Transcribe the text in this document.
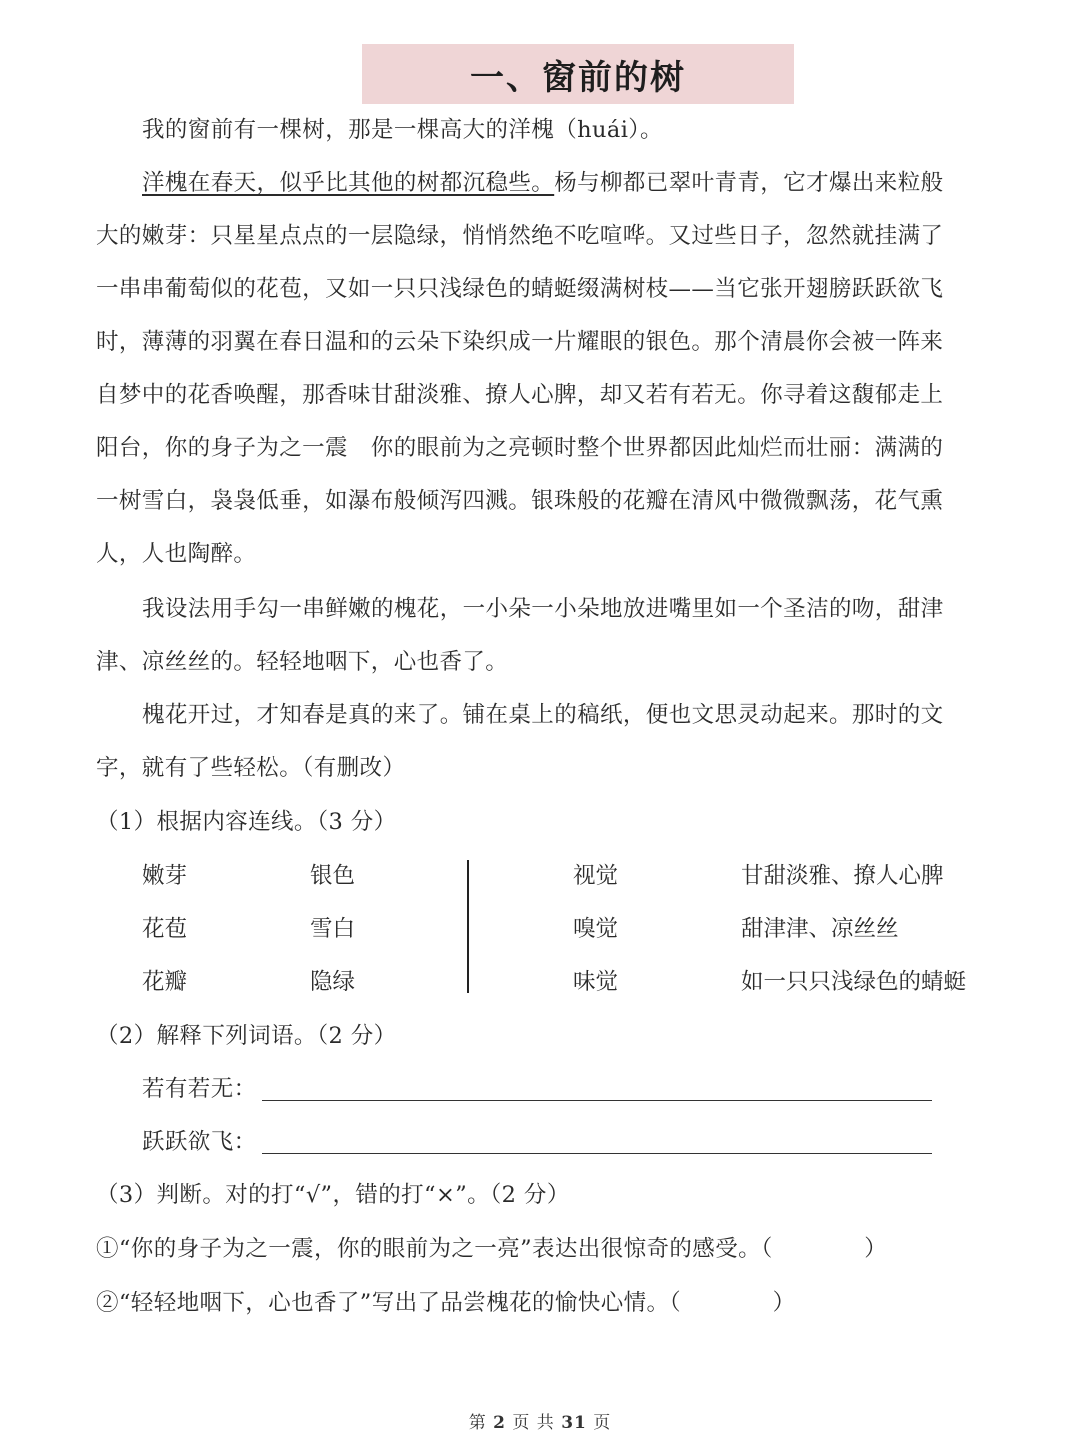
一、窗前的树
我的窗前有一棵树，那是一棵高大的洋槐（huái）。
洋槐在春天，似乎比其他的树都沉稳些。杨与柳都已翠叶青青，它才爆出来粒般
大的嫩芽：只星星点点的一层隐绿，悄悄然绝不吃喧哗。又过些日子，忽然就挂满了
一串串葡萄似的花苞，又如一只只浅绿色的蜻蜓缀满树枝——当它张开翅膀跃跃欲飞
时，薄薄的羽翼在春日温和的云朵下染织成一片耀眼的银色。那个清晨你会被一阵来
自梦中的花香唤醒，那香味甘甜淡雅、撩人心脾，却又若有若无。你寻着这馥郁走上
阳台，你的身子为之一震　你的眼前为之亮顿时整个世界都因此灿烂而壮丽：满满的
一树雪白，袅袅低垂，如瀑布般倾泻四溅。银珠般的花瓣在清风中微微飘荡，花气熏
人，人也陶醉。
我设法用手勾一串鲜嫩的槐花，一小朵一小朵地放进嘴里如一个圣洁的吻，甜津
津、凉丝丝的。轻轻地咽下，心也香了。
槐花开过，才知春是真的来了。铺在桌上的稿纸，便也文思灵动起来。那时的文
字，就有了些轻松。（有删改）
（1）根据内容连线。（3 分）
嫩芽
花苞
花瓣
银色
雪白
隐绿
视觉
嗅觉
味觉
甘甜淡雅、撩人心脾
甜津津、凉丝丝
如一只只浅绿色的蜻蜓
（2）解释下列词语。（2 分）
若有若无：
跃跃欲飞：
（3）判断。对的打“√”，错的打“×”。（2 分）
①“你的身子为之一震，你的眼前为之一亮”表达出很惊奇的感受。（　　　　）
②“轻轻地咽下，心也香了”写出了品尝槐花的愉快心情。（　　　　）
第 2 页 共 31 页
